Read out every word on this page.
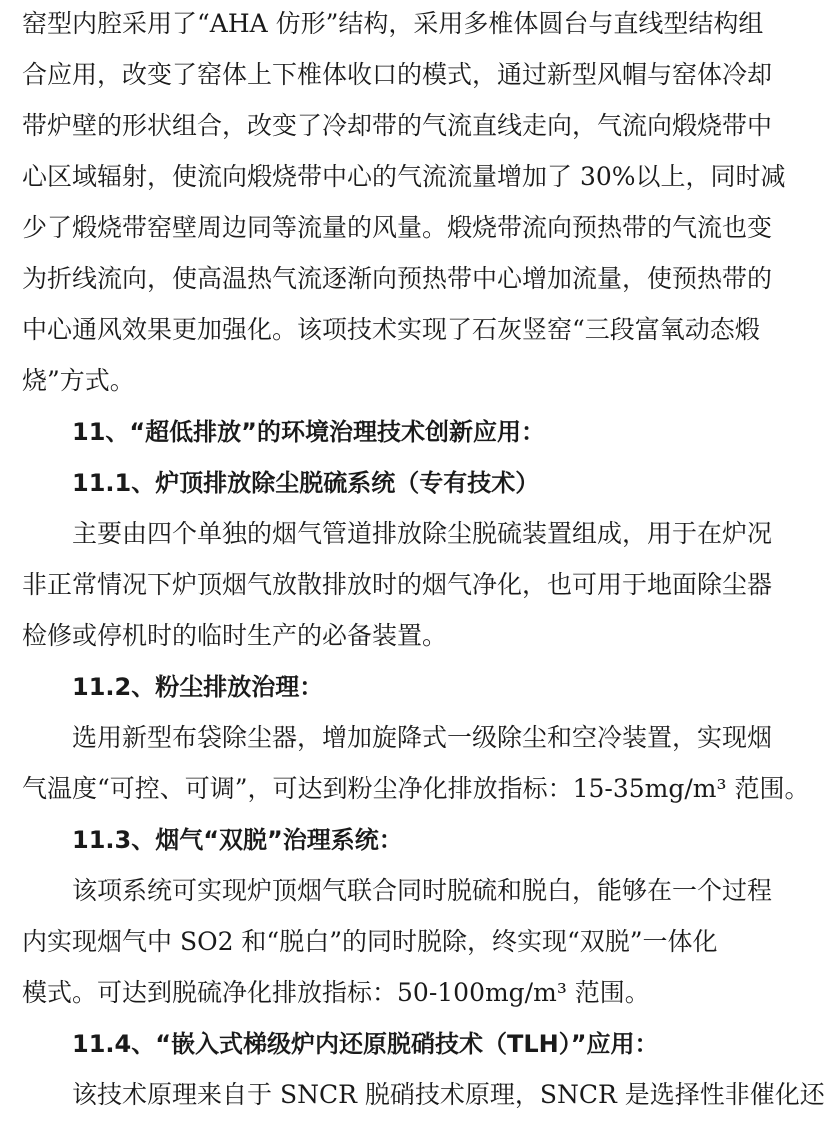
窑型内腔采用了“AHA 仿形”结构，采用多椎体圆台与直线型结构组
合应用，改变了窑体上下椎体收口的模式，通过新型风帽与窑体冷却
带炉壁的形状组合，改变了冷却带的气流直线走向，气流向煅烧带中
心区域辐射，使流向煅烧带中心的气流流量增加了 30%以上，同时减
少了煅烧带窑壁周边同等流量的风量。煅烧带流向预热带的气流也变
为折线流向，使高温热气流逐渐向预热带中心增加流量，使预热带的
中心通风效果更加强化。该项技术实现了石灰竖窑“三段富氧动态煅
烧”方式。
11、“超低排放”的环境治理技术创新应用：
11.1、炉顶排放除尘脱硫系统（专有技术）
主要由四个单独的烟气管道排放除尘脱硫装置组成，用于在炉况
非正常情况下炉顶烟气放散排放时的烟气净化，也可用于地面除尘器
检修或停机时的临时生产的必备装置。
11.2、粉尘排放治理：
选用新型布袋除尘器，增加旋降式一级除尘和空冷装置，实现烟
气温度“可控、可调”，可达到粉尘净化排放指标：15-35mg/m³ 范围。
11.3、烟气“双脱”治理系统：
该项系统可实现炉顶烟气联合同时脱硫和脱白，能够在一个过程
内实现烟气中 SO2 和“脱白”的同时脱除，终实现“双脱”一体化
模式。可达到脱硫净化排放指标：50-100mg/m³ 范围。
11.4、“嵌入式梯级炉内还原脱硝技术（TLH）”应用：
该技术原理来自于 SNCR 脱硝技术原理，SNCR 是选择性非催化还
